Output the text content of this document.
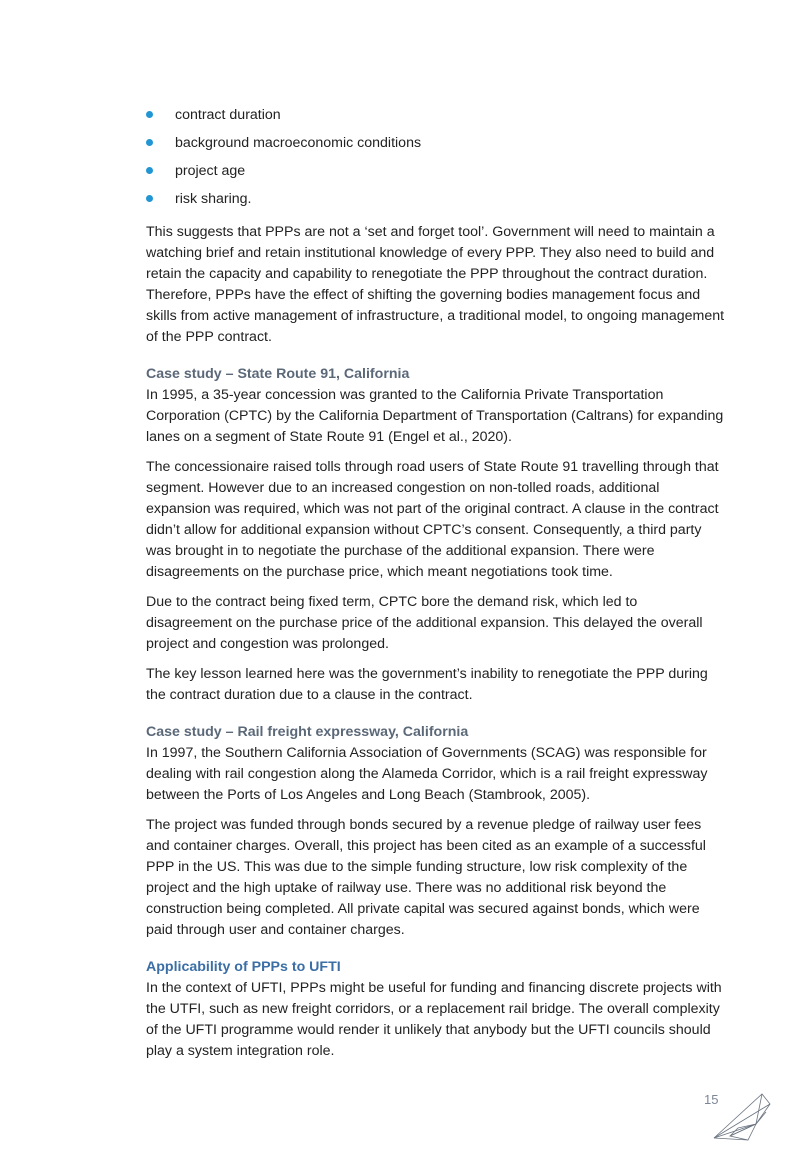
contract duration
background macroeconomic conditions
project age
risk sharing.

This suggests that PPPs are not a ‘set and forget tool’. Government will need to maintain a watching brief and retain institutional knowledge of every PPP. They also need to build and retain the capacity and capability to renegotiate the PPP throughout the contract duration. Therefore, PPPs have the effect of shifting the governing bodies management focus and skills from active management of infrastructure, a traditional model, to ongoing management of the PPP contract.

Case study – State Route 91, California

In 1995, a 35-year concession was granted to the California Private Transportation Corporation (CPTC) by the California Department of Transportation (Caltrans) for expanding lanes on a segment of State Route 91 (Engel et al., 2020).

The concessionaire raised tolls through road users of State Route 91 travelling through that segment. However due to an increased congestion on non-tolled roads, additional expansion was required, which was not part of the original contract. A clause in the contract didn’t allow for additional expansion without CPTC’s consent. Consequently, a third party was brought in to negotiate the purchase of the additional expansion. There were disagreements on the purchase price, which meant negotiations took time.

Due to the contract being fixed term, CPTC bore the demand risk, which led to disagreement on the purchase price of the additional expansion. This delayed the overall project and congestion was prolonged.

The key lesson learned here was the government’s inability to renegotiate the PPP during the contract duration due to a clause in the contract.

Case study – Rail freight expressway, California

In 1997, the Southern California Association of Governments (SCAG) was responsible for dealing with rail congestion along the Alameda Corridor, which is a rail freight expressway between the Ports of Los Angeles and Long Beach (Stambrook, 2005).

The project was funded through bonds secured by a revenue pledge of railway user fees and container charges. Overall, this project has been cited as an example of a successful PPP in the US. This was due to the simple funding structure, low risk complexity of the project and the high uptake of railway use. There was no additional risk beyond the construction being completed. All private capital was secured against bonds, which were paid through user and container charges.

Applicability of PPPs to UFTI

In the context of UFTI, PPPs might be useful for funding and financing discrete projects with the UTFI, such as new freight corridors, or a replacement rail bridge. The overall complexity of the UFTI programme would render it unlikely that anybody but the UFTI councils should play a system integration role.

15
